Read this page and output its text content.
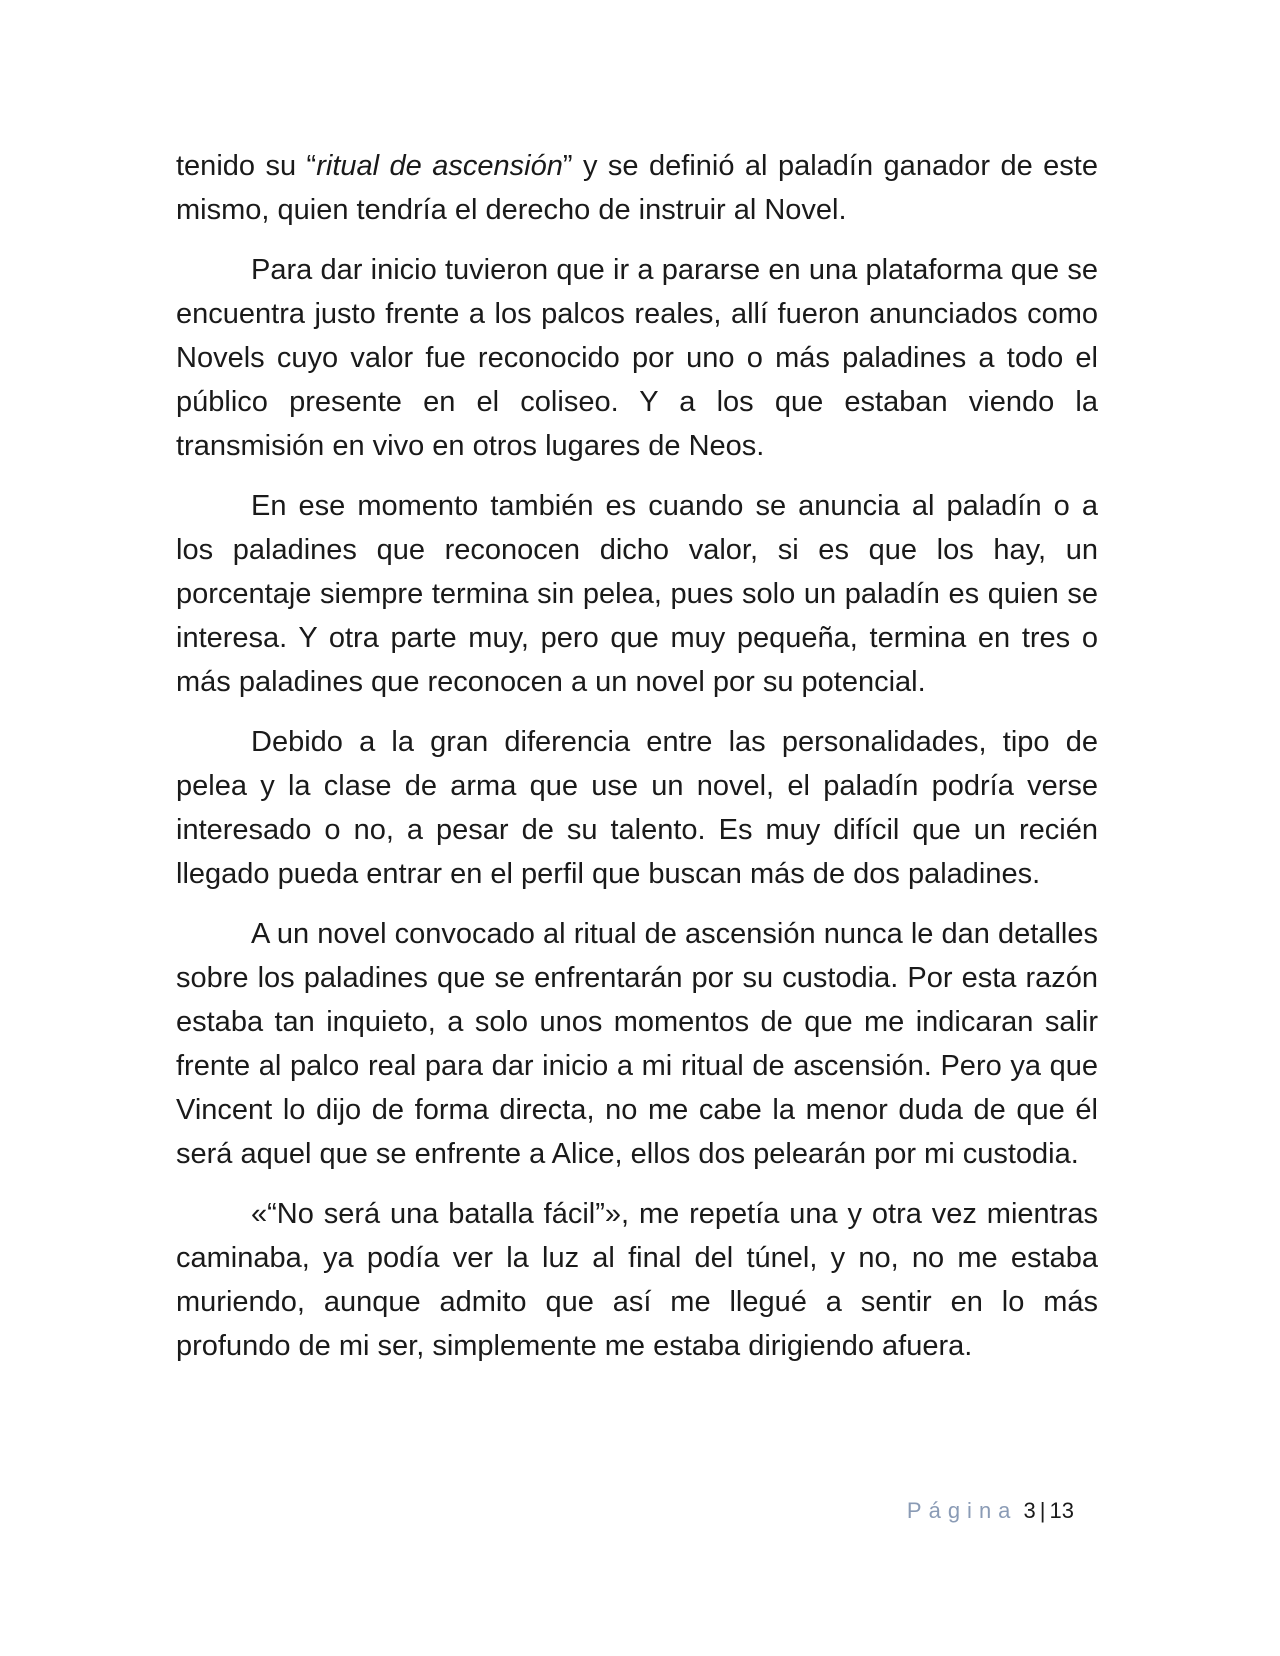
tenido su “ritual de ascensión” y se definió al paladín ganador de este mismo, quien tendría el derecho de instruir al Novel.

Para dar inicio tuvieron que ir a pararse en una plataforma que se encuentra justo frente a los palcos reales, allí fueron anunciados como Novels cuyo valor fue reconocido por uno o más paladines a todo el público presente en el coliseo. Y a los que estaban viendo la transmisión en vivo en otros lugares de Neos.

En ese momento también es cuando se anuncia al paladín o a los paladines que reconocen dicho valor, si es que los hay, un porcentaje siempre termina sin pelea, pues solo un paladín es quien se interesa. Y otra parte muy, pero que muy pequeña, termina en tres o más paladines que reconocen a un novel por su potencial.

Debido a la gran diferencia entre las personalidades, tipo de pelea y la clase de arma que use un novel, el paladín podría verse interesado o no, a pesar de su talento. Es muy difícil que un recién llegado pueda entrar en el perfil que buscan más de dos paladines.

A un novel convocado al ritual de ascensión nunca le dan detalles sobre los paladines que se enfrentarán por su custodia. Por esta razón estaba tan inquieto, a solo unos momentos de que me indicaran salir frente al palco real para dar inicio a mi ritual de ascensión. Pero ya que Vincent lo dijo de forma directa, no me cabe la menor duda de que él será aquel que se enfrente a Alice, ellos dos pelearán por mi custodia.

«“No será una batalla fácil”», me repetía una y otra vez mientras caminaba, ya podía ver la luz al final del túnel, y no, no me estaba muriendo, aunque admito que así me llegué a sentir en lo más profundo de mi ser, simplemente me estaba dirigiendo afuera.

Página 3 | 13
